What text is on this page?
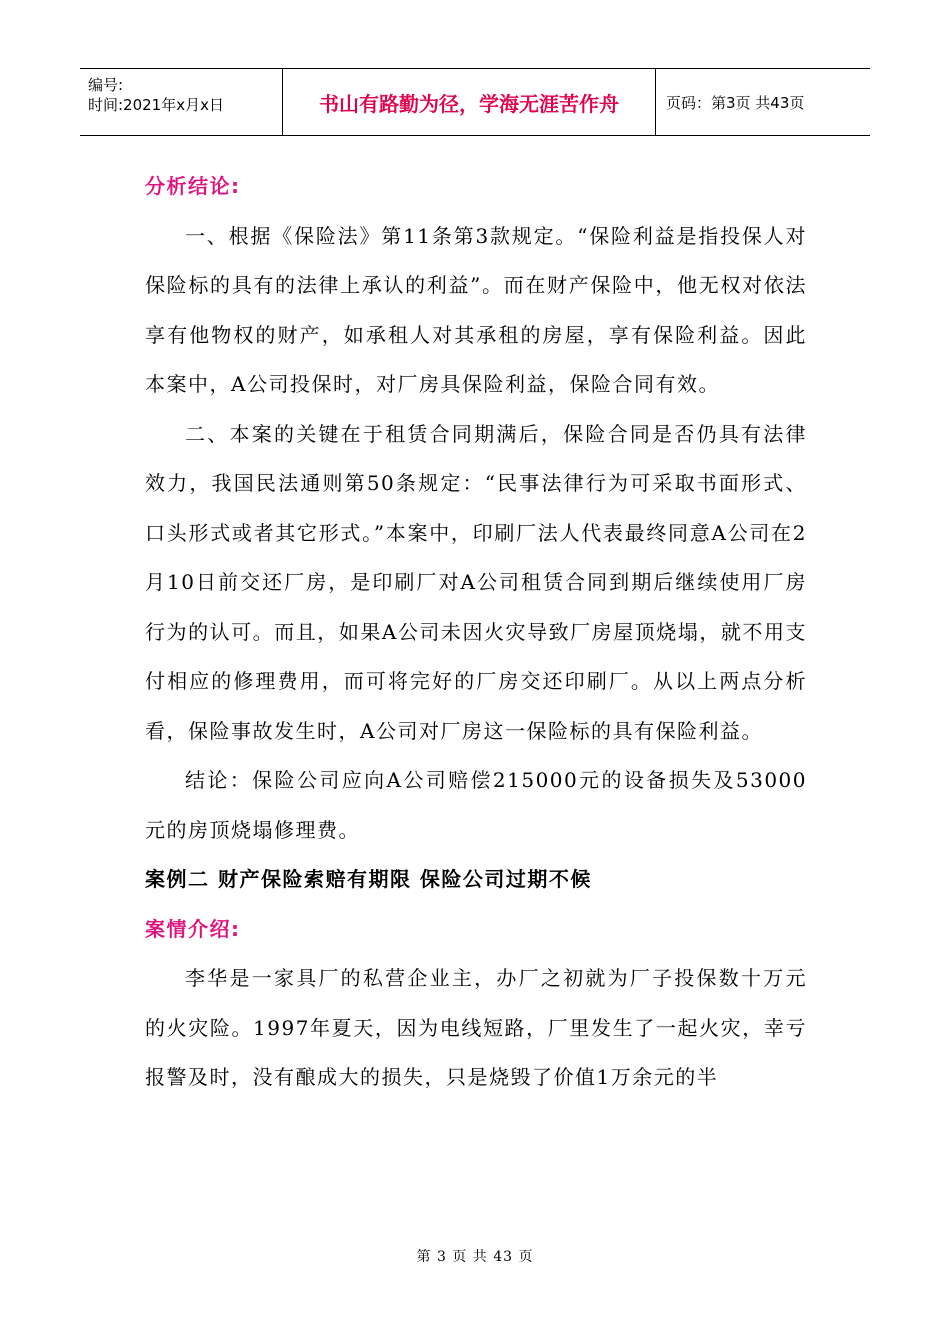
编号:
时间:2021年x月x日	书山有路勤为径，学海无涯苦作舟	页码：第3页 共43页

分析结论:

一、根据《保险法》第11条第3款规定。“保险利益是指投保人对保险标的具有的法律上承认的利益”。而在财产保险中，他无权对依法享有他物权的财产，如承租人对其承租的房屋，享有保险利益。因此本案中，A公司投保时，对厂房具保险利益，保险合同有效。

二、本案的关键在于租赁合同期满后，保险合同是否仍具有法律效力，我国民法通则第50条规定：“民事法律行为可采取书面形式、口头形式或者其它形式。”本案中，印刷厂法人代表最终同意A公司在2月10日前交还厂房，是印刷厂对A公司租赁合同到期后继续使用厂房行为的认可。而且，如果A公司未因火灾导致厂房屋顶烧塌，就不用支付相应的修理费用，而可将完好的厂房交还印刷厂。从以上两点分析看，保险事故发生时，A公司对厂房这一保险标的具有保险利益。

结论：保险公司应向A公司赔偿215000元的设备损失及53000元的房顶烧塌修理费。

案例二 财产保险索赔有期限 保险公司过期不候

案情介绍:

李华是一家具厂的私营企业主，办厂之初就为厂子投保数十万元的火灾险。1997年夏天，因为电线短路，厂里发生了一起火灾，幸亏报警及时，没有酿成大的损失，只是烧毁了价值1万余元的半

第 3 页 共 43 页
